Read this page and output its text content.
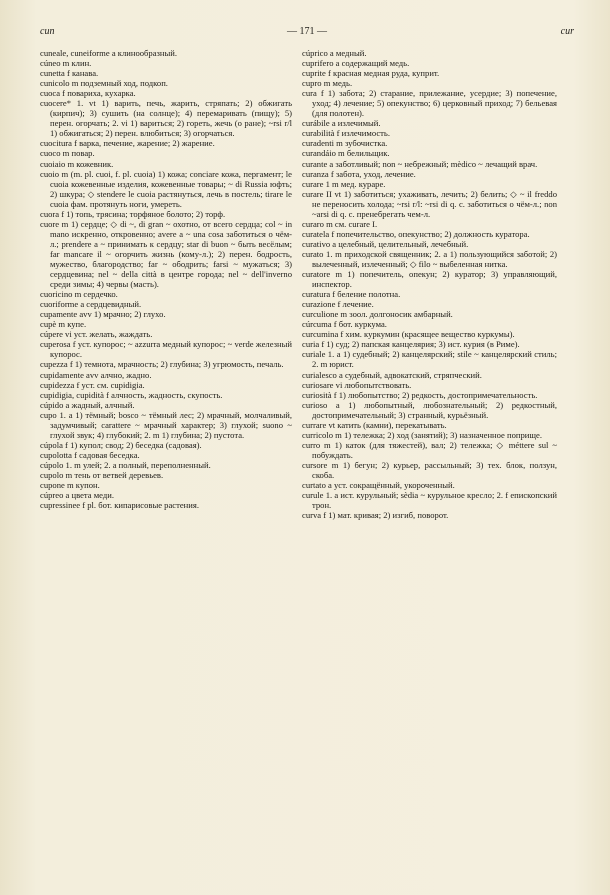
cun	— 171 —	cur

cuneale, cuneiforme a клинообразный.

cúneo m клин.

cunetta f канава.

cunicolo m подземный ход, подкоп.

cuoca f повариха, кухарка.

cuocere* 1. vt 1) варить, печь, жарить, стряпать; 2) обжигать (кирпич); 3) сушить (на солнце); 4) перемаривать (пищу); 5) перен. огорчать; 2. vi 1) вариться; 2) гореть, жечь (о ране); ~rsi r/l 1) обжигаться; 2) перен. влюбиться; 3) огорчаться.

cuocitura f варка, печение, жарение; 2) жарение.

cuoco m повар.

cuoiaio m кожевник.

cuoio m (m. pl. cuoi, f. pl. cuoia) 1) кожа; conciare кожа, пергамент; le cuoia кожевенные изделия, кожевенные товары; ~ di Russia юфть; 2) шкура; ◇ stendere le cuoia растянуться, лечь в постель; tirare le cuoia фам. протянуть ноги, умереть.

cuora f 1) топь, трясина; торфяное болото; 2) торф.

cuore m 1) сердце; ◇ di ~, di gran ~ охотно, от всего сердца; col ~ in mano искренно, откровенно; avere a ~ una cosa заботиться о чём-л.; prendere a ~ принимать к сердцу; star di buon ~ быть весёлым; far mancare il ~ огорчить жизнь (кому-л.); 2) перен. бодрость, мужество, благородство; far ~ ободрить; farsi ~ мужаться; 3) сердцевина; nel ~ della città в центре города; nel ~ dell'inverno среди зимы; 4) червы (масть).

cuoricino m сердечко.

cuoriforme a сердцевидный.

cupamente avv 1) мрачно; 2) глухо.

cupè m купе.

cúpere vi уст. желать, жаждать.

cuperosa f уст. купорос; ~ azzurra медный купорос; ~ verde железный купорос.

cupezza f 1) темнота, мрачность; 2) глубина; 3) угрюмость, печаль.

cupidamente avv алчно, жадно.

cupidezza f уст. см. cupidigia.

cupidigia, cupidità f алчность, жадность, скупость.

cúpido a жадный, алчный.

cupo 1. a 1) тёмный; bosco ~ тёмный лес; 2) мрачный, молчаливый, задумчивый; carattere ~ мрачный характер; 3) глухой; suono ~ глухой звук; 4) глубокий; 2. m 1) глубина; 2) пустота.

cúpola f 1) купол; свод; 2) беседка (садовая).

cupolotta f садовая беседка.

cúpolo 1. m улей; 2. a полный, переполненный.

cupolo m тень от ветвей деревьев.

cupone m купон.

cúpreo a цвета меди.

cupressinee f pl. бот. кипарисовые растения.

cúprico a медный.

cuprifero a содержащий медь.

cuprite f красная медная руда, куприт.

cupro m медь.

cura f 1) забота; 2) старание, прилежание, усердие; 3) попечение, уход; 4) лечение; 5) опекунство; 6) церковный приход; 7) бельевая (для полотен).

curábile a излечимый.

curabilità f излечимость.

curadenti m зубочистка.

curandáio m белильщик.

curante a заботливый; non ~ небрежный; mèdico ~ лечащий врач.

curanza f забота, уход, лечение.

curare 1 m мед. кураре.

curare II vt 1) заботиться; ухаживать, лечить; 2) белить; ◇ ~ il freddo не переносить холода; ~rsi r/l: ~rsi di q. c. заботиться о чём-л.; non ~arsi di q. c. пренебрегать чем-л.

curaro m см. curare I.

curatela f попечительство, опекунство; 2) должность куратора.

curativo a целебный, целительный, лечебный.

curato 1. m приходской священник; 2. a 1) пользующийся заботой; 2) вылеченный, излеченный; ◇ filo ~ выбеленная нитка.

curatore m 1) попечитель, опекун; 2) куратор; 3) управляющий, инспектор.

curatura f беление полотна.

curazione f лечение.

curculione m зоол. долгоносик амбарный.

cúrcuma f бот. куркума.

curcumina f хим. куркумин (красящее вещество куркумы).

curia f 1) суд; 2) папская канцелярия; 3) ист. курия (в Риме).

curiale 1. a 1) судебный; 2) канцелярский; stile ~ канцелярский стиль; 2. m юрист.

curialesco a судебный, адвокатский, стряпческий.

curiosare vi любопытствовать.

curiosità f 1) любопытство; 2) редкость, достопримечательность.

curioso a 1) любопытный, любознательный; 2) редкостный, достопримечательный; 3) странный, курьёзный.

currare vt катить (камни), перекатывать.

curricolo m 1) тележка; 2) ход (занятий); 3) назначенное поприще.

curro m 1) каток (для тяжестей), вал; 2) тележка; ◇ méttere sul ~ побуждать.

cursore m 1) бегун; 2) курьер, рассыльный; 3) тех. блок, ползун, скоба.

curtato a уст. сокращённый, укороченный.

curule 1. a ист. курульный; sèdia ~ курульное кресло; 2. f епископский трон.

curva f 1) мат. кривая; 2) изгиб, поворот.
